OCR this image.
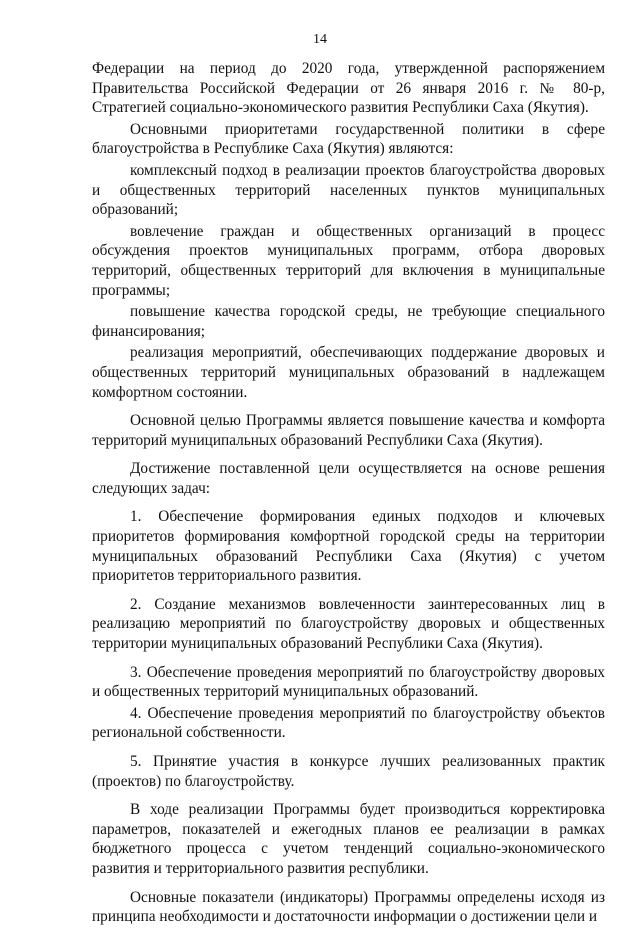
14

Федерации на период до 2020 года, утвержденной распоряжением Правительства Российской Федерации от 26 января 2016 г. № 80-р, Стратегией социально-экономического развития Республики Саха (Якутия).

Основными приоритетами государственной политики в сфере благоустройства в Республике Саха (Якутия) являются:

комплексный подход в реализации проектов благоустройства дворовых и общественных территорий населенных пунктов муниципальных образований;

вовлечение граждан и общественных организаций в процесс обсуждения проектов муниципальных программ, отбора дворовых территорий, общественных территорий для включения в муниципальные программы;

повышение качества городской среды, не требующие специального финансирования;

реализация мероприятий, обеспечивающих поддержание дворовых и общественных территорий муниципальных образований в надлежащем комфортном состоянии.

Основной целью Программы является повышение качества и комфорта территорий муниципальных образований Республики Саха (Якутия).

Достижение поставленной цели осуществляется на основе решения следующих задач:

1. Обеспечение формирования единых подходов и ключевых приоритетов формирования комфортной городской среды на территории муниципальных образований Республики Саха (Якутия) с учетом приоритетов территориального развития.

2. Создание механизмов вовлеченности заинтересованных лиц в реализацию мероприятий по благоустройству дворовых и общественных территории муниципальных образований Республики Саха (Якутия).

3. Обеспечение проведения мероприятий по благоустройству дворовых и общественных территорий муниципальных образований.

4. Обеспечение проведения мероприятий по благоустройству объектов региональной собственности.

5. Принятие участия в конкурсе лучших реализованных практик (проектов) по благоустройству.

В ходе реализации Программы будет производиться корректировка параметров, показателей и ежегодных планов ее реализации в рамках бюджетного процесса с учетом тенденций социально-экономического развития и территориального развития республики.

Основные показатели (индикаторы) Программы определены исходя из принципа необходимости и достаточности информации о достижении цели и
